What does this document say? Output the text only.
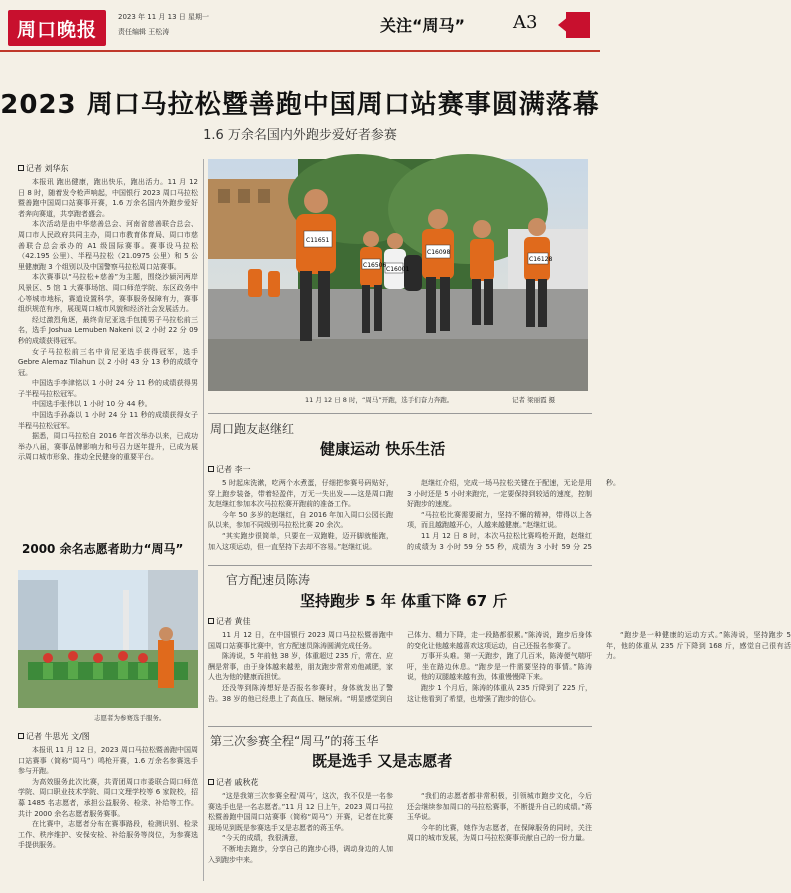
周口晚报
2023 年 11 月 13 日 星期一
责任编辑 王松涛	关注“周马”	A3
2023 周口马拉松暨善跑中国周口站赛事圆满落幕
1.6 万余名国内外跑步爱好者参赛
记者 刘华东

本报讯 跑出健康，跑出快乐，跑出活力。11 月 12 日 8 时，随着发令枪声响起，中国银行 2023 周口马拉松暨善跑中国周口站赛事开赛，1.6 万余名国内外跑步爱好者奔向赛道，共享跑者盛会。

本次活动是由中华慈善总会、河南省慈善联合总会、周口市人民政府共同主办，周口市教育体育局、周口市慈善联合总会承办的 A1 级国际赛事。赛事设马拉松（42.195 公里）、半程马拉松（21.0975 公里）和 5 公里健康跑 3 个组别以及中国警察马拉松周口站赛事。

本次赛事以“马拉松+慈善”为主题，围绕沙颍河两岸风景区、5 馆 1 大赛事场馆、周口师范学院、东区政务中心等城市地标，赛道设置科学，赛事服务保障有力，赛事组织规范有序，展现周口城市风貌和经济社会发展活力。

经过激烈角逐，最终肯尼亚选手包揽男子马拉松前三名，选手 Joshua Lemuben Nakeni 以 2 小时 22 分 09 秒的成绩获得冠军。

女子马拉松前三名中肯尼亚选手获得冠军，选手 Gebre Alemaz Tilahun 以 2 小时 43 分 13 秒的成绩夺冠。

中国选手李津铭以 1 小时 24 分 11 秒的成绩获得男子半程马拉松冠军。

中国选手张伟以 1 小时 10 分 44 秒。

中国选手孙淼以 1 小时 24 分 11 秒的成绩获得女子半程马拉松冠军。

据悉，周口马拉松自 2016 年首次举办以来，已成功举办八届，赛事品牌影响力和号召力逐年提升，已成为展示周口城市形象、推动全民健身的重要平台。

C11651
C16506
C16001
C16098
C16128
11 月 12 日 8 时，“周马”开跑，选手们奋力奔跑。	记者 梁丽霞 摄
2000 余名志愿者助力“周马”
志愿者为参赛选手服务。
记者 牛思光 文/图

本报讯 11 月 12 日，2023 周口马拉松暨善跑中国周口站赛事（简称“周马”）鸣枪开赛，1.6 万余名参赛选手参与开跑。

为高效服务此次比赛，共青团周口市委联合周口师范学院、周口职业技术学院、周口文理学校等 6 家院校，招募 1485 名志愿者，承担公益服务、检录、补给等工作。共计 2000 余名志愿者服务赛事。

在比赛中，志愿者分布在赛事路段，检测识别、检录工作、秩序维护、安保安检、补给服务等岗位，为参赛选手提供服务。

周口跑友赵继红
健康运动 快乐生活
记者 李一

5 时起床洗漱，吃两个水煮蛋，仔细把参赛号码贴好，穿上跑步装备，带着轻盈伴，万无一失出发——这是周口跑友赵继红参加本次马拉松赛开跑前的准备工作。

今年 50 多岁的赵继红，自 2016 年加入周口公园长跑队以来，参加不同级别马拉松比赛 20 余次。

“其实跑步很简单，只要在一双跑鞋，迈开脚就能跑，加入这项运动，但一直坚持下去却不容易。”赵继红说。

赵继红介绍，完成一场马拉松关键在于配速，无论是用 3 小时还是 5 小时来跑完，一定要保持到较适的速度，控制好跑步的速度。

“马拉松比赛需要耐力，坚持不懈的精神，带得以上各项，而且越跑越开心，人越来越健康。”赵继红说。

11 月 12 日 8 时，本次马拉松比赛鸣枪开跑，赵继红的成绩为 3 小时 59 分 55 秒，成绩为 3 小时 59 分 25 秒。

官方配速员陈涛
坚持跑步 5 年 体重下降 67 斤
记者 黄佳

11 月 12 日，在中国银行 2023 周口马拉松暨善跑中国周口站赛事比赛中，官方配速员陈涛圆满完成任务。

陈涛说，5 年前他 38 岁，体重超过 235 斤，常在、应酬是常事，由于身体越来越差，朋友跑步常常劝他减肥，家人也为他的健康而担忧。

还没等到陈涛想好是否报名参赛时，身体就发出了警告。38 岁的他已经患上了高血压、糖尿病。“明显感觉到自己体力、精力下降，走一段路都很累。”陈涛说，跑步后身体的变化让他越来越喜欢这项运动，自己还报名参赛了。

万事开头难。第一天跑步，跑了几百米，陈涛便气喘吁吁，坐在路边休息。“跑步是一件需要坚持的事情。”陈涛说，他的双腿越来越有劲，体重慢慢降下来。

跑步 1 个月后，陈涛的体重从 235 斤降到了 225 斤，这让他看到了希望，也增强了跑步的信心。

“跑步是一种健康的运动方式。”陈涛说，坚持跑步 5 年，他的体重从 235 斤下降到 168 斤，感觉自己很有活力。

第三次参赛全程“周马”的蒋玉华
既是选手 又是志愿者
记者 戚秋花

“这是我第三次参赛全程‘周马’，这次，我不仅是一名参赛选手也是一名志愿者。”11 月 12 日上午，2023 周口马拉松暨善跑中国周口站赛事（简称“周马”）开赛，记者在比赛现场见到既是参赛选手又是志愿者的蒋玉华。

“今天的成绩，我很满意，

不断地去跑步，分享自己的跑步心得，调动身边的人加入到跑步中来。

“我们的志愿者都非常积极，引领城市跑步文化，今后还会继续参加周口的马拉松赛事，不断提升自己的成绩。”蒋玉华说。

今年的比赛，她作为志愿者，在保障服务的同时，关注周口的城市发展，为周口马拉松赛事贡献自己的一份力量。
